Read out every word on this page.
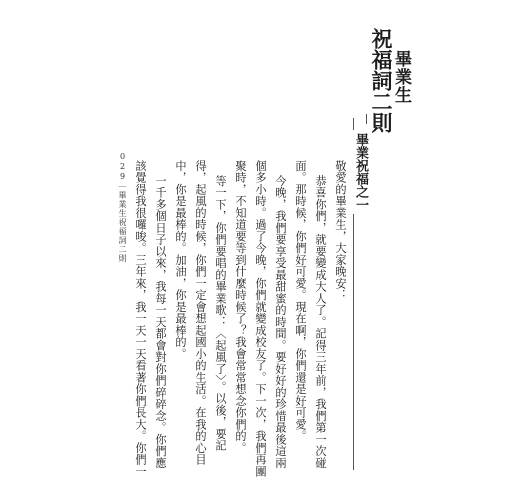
祝福詞二則
畢業生
畢業祝福之一

敬愛的畢業生，大家晚安：

恭喜你們，就要變成大人了。記得三年前，我們第一次碰

面。那時候，你們好可愛。現在啊，你們還是好可愛。

今晚，我們要享受最甜蜜的時間。要好好的珍惜最後這兩

個多小時。過了今晚，你們就變成校友了。下一次，我們再團

聚時，不知道要等到什麼時候了？我會常常想念你們的。

等一下，你們要唱的畢業歌：〈起風了〉。以後，要記

得，起風的時候，你們一定會想起國小的生活。在我的心目

中，你是最棒的。加油，你是最棒的。

一千多個日子以來，我每一天都會對你們碎碎念。你們應

該覺得我很囉唆。三年來，我一天一天看著你們長大。你們一

029｜畢業生祝福詞二則
